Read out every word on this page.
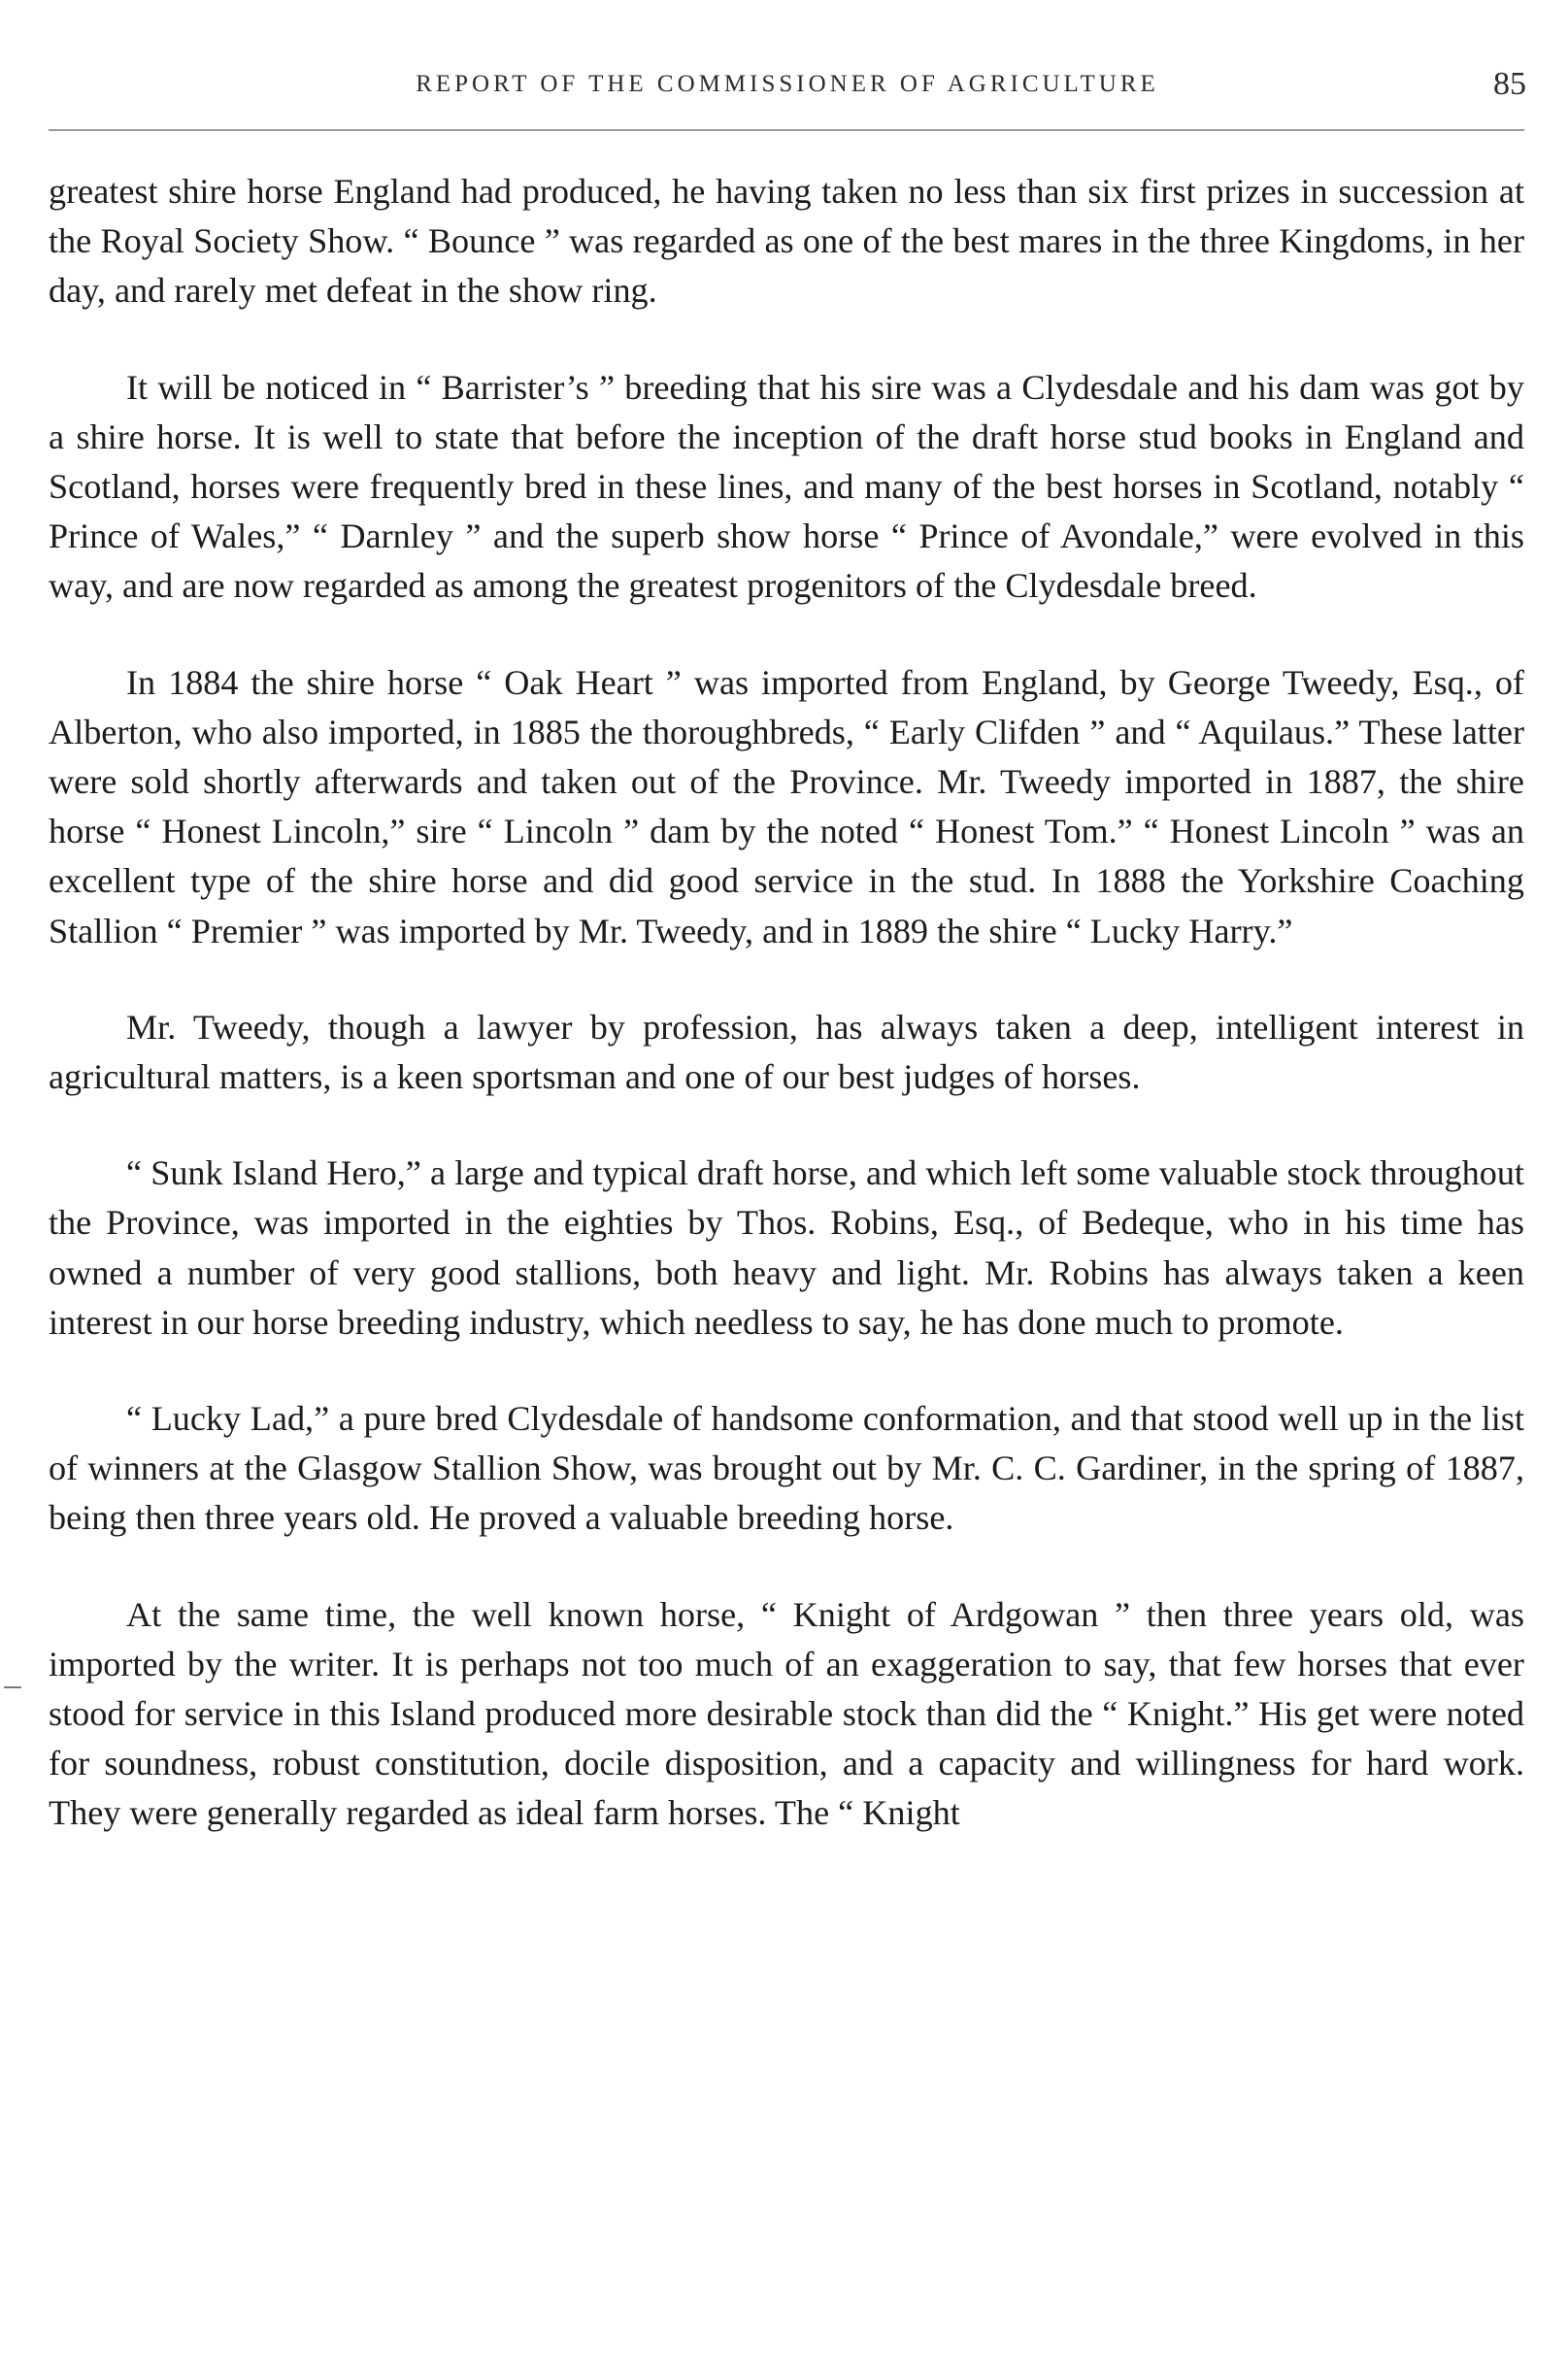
REPORT OF THE COMMISSIONER OF AGRICULTURE	85

greatest shire horse England had produced, he having taken no less than six first prizes in succession at the Royal Society Show. “ Bounce ” was regarded as one of the best mares in the three Kingdoms, in her day, and rarely met defeat in the show ring.

It will be noticed in “ Barrister’s ” breeding that his sire was a Clydesdale and his dam was got by a shire horse. It is well to state that before the inception of the draft horse stud books in England and Scotland, horses were frequently bred in these lines, and many of the best horses in Scotland, notably “ Prince of Wales,” “ Darnley ” and the superb show horse “ Prince of Avondale,” were evolved in this way, and are now regarded as among the greatest progenitors of the Clydesdale breed.

In 1884 the shire horse “ Oak Heart ” was imported from England, by George Tweedy, Esq., of Alberton, who also imported, in 1885 the thoroughbreds, “ Early Clifden ” and “ Aquilaus.” These latter were sold shortly afterwards and taken out of the Province. Mr. Tweedy imported in 1887, the shire horse “ Honest Lincoln,” sire “ Lincoln ” dam by the noted “ Honest Tom.” “ Honest Lincoln ” was an excellent type of the shire horse and did good service in the stud. In 1888 the Yorkshire Coaching Stallion “ Premier ” was imported by Mr. Tweedy, and in 1889 the shire “ Lucky Harry.”

Mr. Tweedy, though a lawyer by profession, has always taken a deep, intelligent interest in agricultural matters, is a keen sportsman and one of our best judges of horses.

“ Sunk Island Hero,” a large and typical draft horse, and which left some valuable stock throughout the Province, was imported in the eighties by Thos. Robins, Esq., of Bedeque, who in his time has owned a number of very good stallions, both heavy and light. Mr. Robins has always taken a keen interest in our horse breeding industry, which needless to say, he has done much to promote.

“ Lucky Lad,” a pure bred Clydesdale of handsome conformation, and that stood well up in the list of winners at the Glasgow Stallion Show, was brought out by Mr. C. C. Gardiner, in the spring of 1887, being then three years old. He proved a valuable breeding horse.

At the same time, the well known horse, “ Knight of Ardgowan ” then three years old, was imported by the writer. It is perhaps not too much of an exaggeration to say, that few horses that ever stood for service in this Island produced more desirable stock than did the “ Knight.” His get were noted for soundness, robust constitution, docile disposition, and a capacity and willingness for hard work. They were generally regarded as ideal farm horses. The “ Knight
